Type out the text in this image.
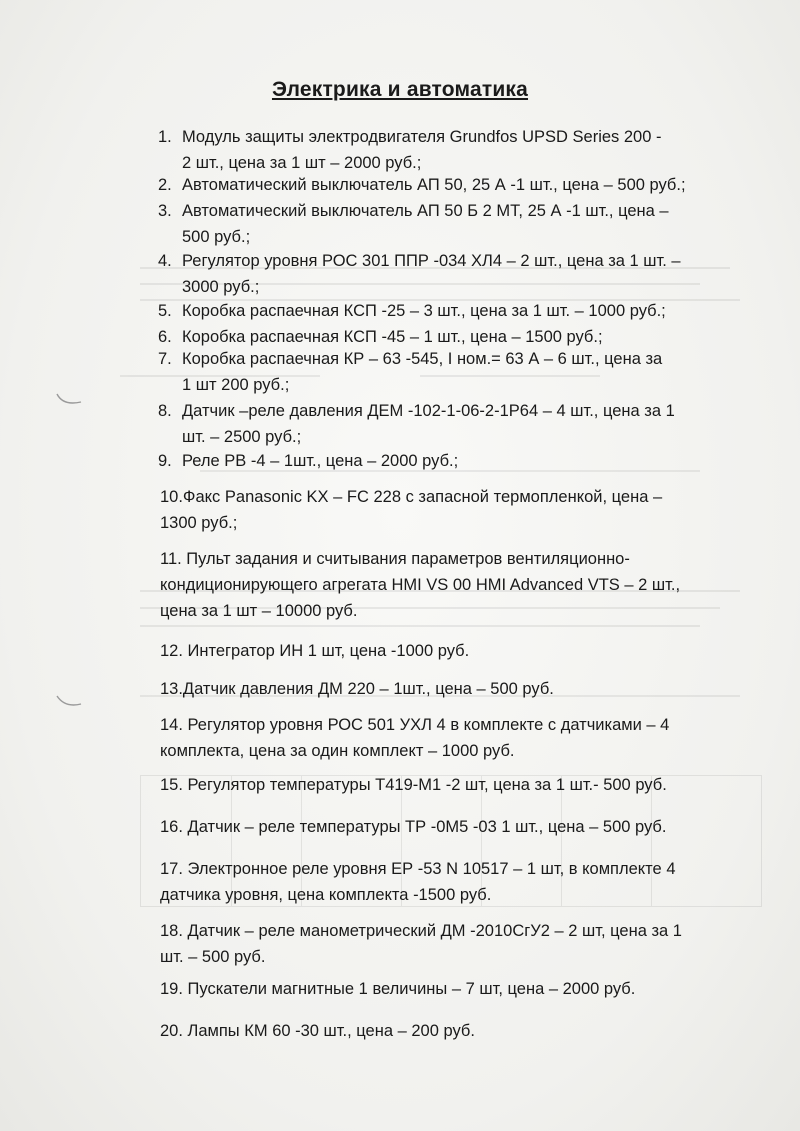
Электрика и автоматика
1. Модуль защиты электродвигателя Grundfos UPSD Series 200 -
2 шт., цена за 1 шт – 2000 руб.;
2. Автоматический выключатель АП 50, 25 А -1 шт., цена – 500 руб.;
3. Автоматический выключатель АП 50 Б 2 МТ, 25 А -1 шт., цена –
500 руб.;
4. Регулятор уровня РОС 301 ППР -034 ХЛ4 – 2 шт., цена за 1 шт. –
3000 руб.;
5. Коробка распаечная КСП -25 – 3 шт., цена за 1 шт. – 1000 руб.;
6. Коробка распаечная КСП -45 – 1 шт., цена – 1500 руб.;
7. Коробка распаечная КР – 63 -545, I ном.= 63 А – 6 шт., цена за
1 шт 200 руб.;
8. Датчик –реле давления ДЕМ -102-1-06-2-1Р64 – 4 шт., цена за 1
шт. – 2500 руб.;
9. Реле РВ -4 – 1шт., цена – 2000 руб.;
10.Факс Panasonic KX – FC 228 с запасной термопленкой, цена –
1300 руб.;
11. Пульт задания и считывания параметров вентиляционно-
кондиционирующего агрегата HMI VS 00 HMI Advanced VTS – 2 шт.,
цена за 1 шт – 10000 руб.
12. Интегратор ИН 1 шт, цена -1000 руб.
13.Датчик давления ДМ 220 – 1шт., цена – 500 руб.
14. Регулятор уровня РОС 501 УХЛ 4 в комплекте с датчиками – 4
комплекта, цена за один комплект – 1000 руб.
15. Регулятор температуры Т419-М1 -2 шт, цена за 1 шт.- 500 руб.
16. Датчик – реле температуры ТР -0М5 -03 1 шт., цена – 500 руб.
17. Электронное реле уровня ЕР -53 N 10517 – 1 шт, в комплекте 4
датчика уровня, цена комплекта -1500 руб.
18. Датчик – реле манометрический ДМ -2010СгУ2 – 2 шт, цена за 1
шт. – 500 руб.
19. Пускатели магнитные 1 величины – 7 шт, цена – 2000 руб.
20. Лампы КМ 60 -30 шт., цена – 200 руб.
